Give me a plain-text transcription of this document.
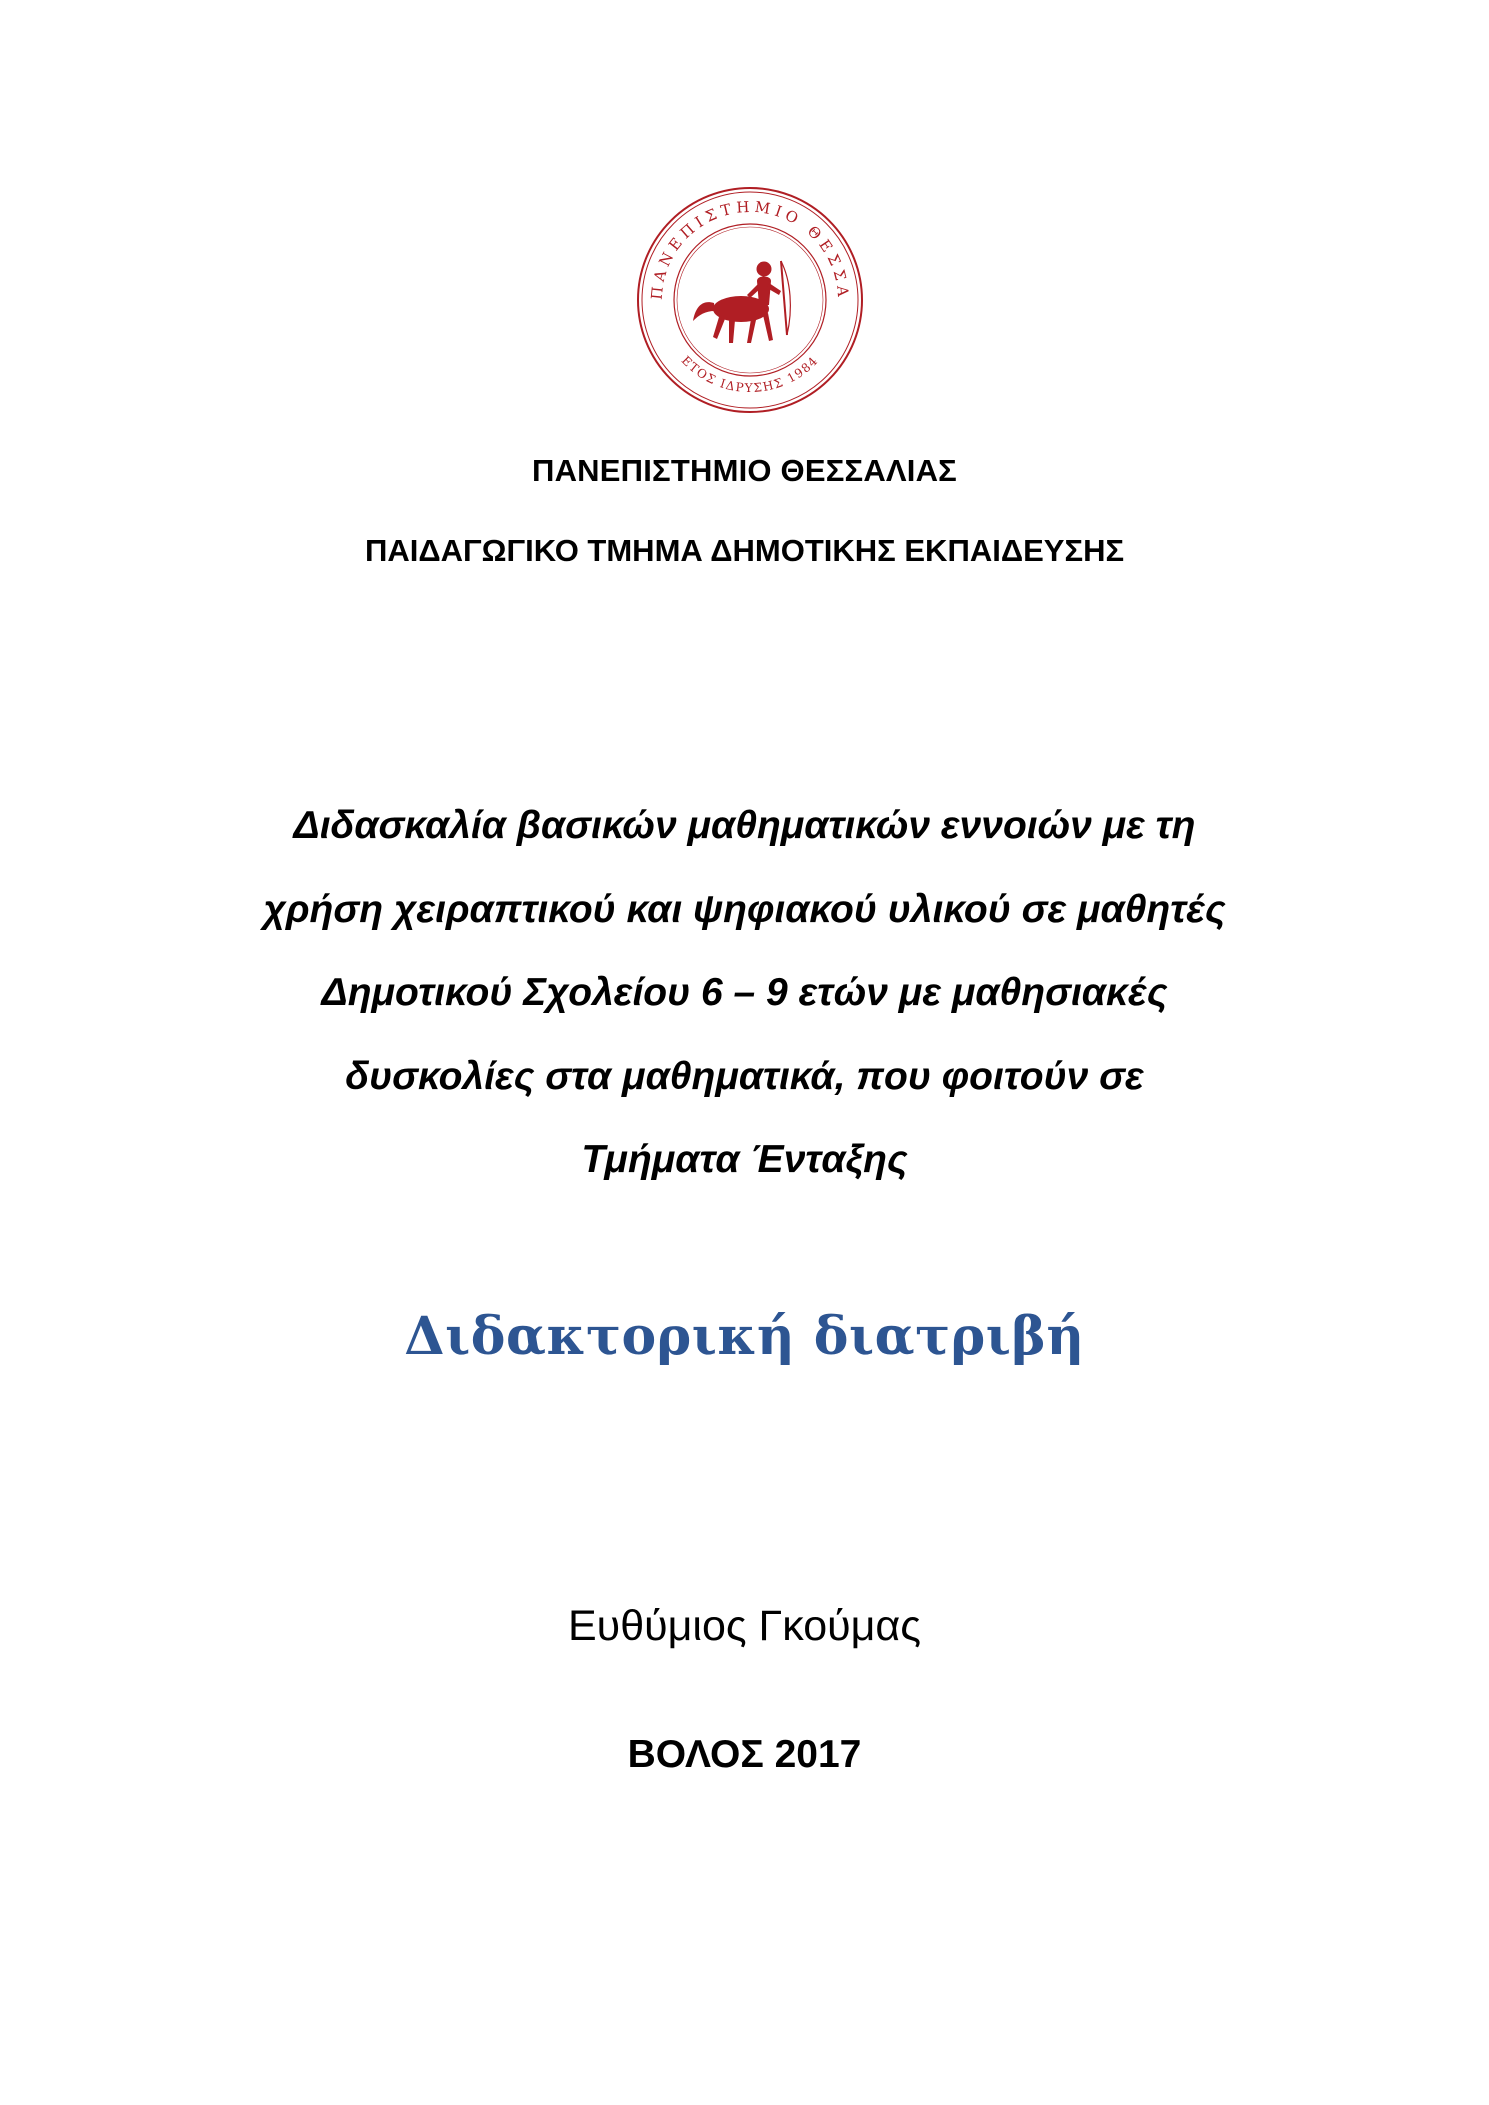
ΠΑΝΕΠΙΣΤΗΜΙΟ ΘΕΣΣΑ
ΕΤΟΣ ΙΔΡΥΣΗΣ 1984
ΠΑΝΕΠΙΣΤΗΜΙΟ ΘΕΣΣΑΛΙΑΣ
ΠΑΙΔΑΓΩΓΙΚΟ ΤΜΗΜΑ ΔΗΜΟΤΙΚΗΣ ΕΚΠΑΙΔΕΥΣΗΣ
Διδασκαλία βασικών μαθηματικών εννοιών με τη
χρήση χειραπτικού και ψηφιακού υλικού σε μαθητές
Δημοτικού Σχολείου 6 – 9 ετών με μαθησιακές
δυσκολίες στα μαθηματικά, που φοιτούν σε
Τμήματα Ένταξης
Διδακτορική διατριβή
Ευθύμιος Γκούμας
ΒΟΛΟΣ 2017
